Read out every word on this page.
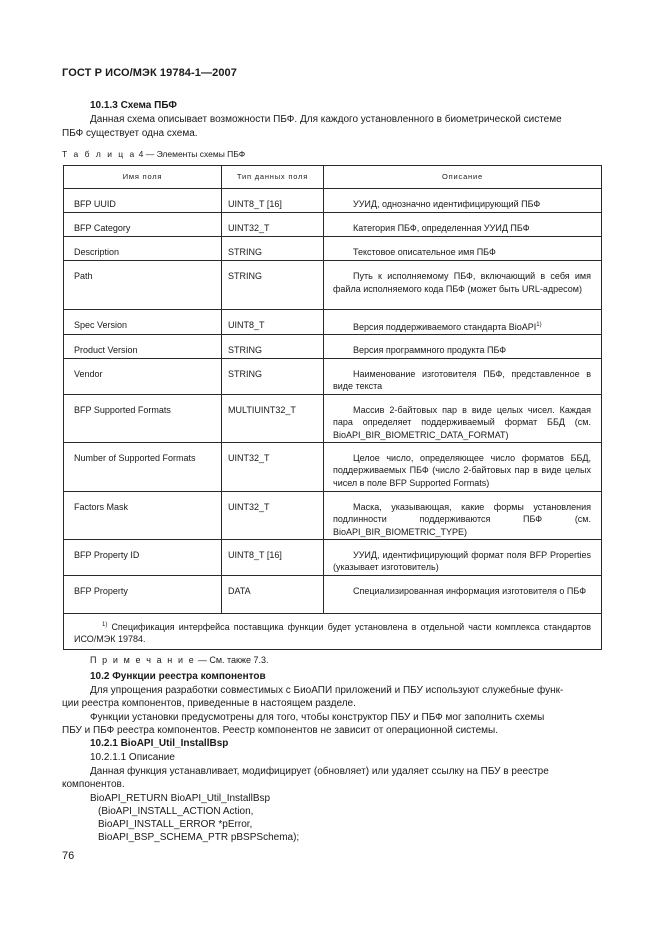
ГОСТ Р ИСО/МЭК 19784-1—2007
10.1.3 Схема ПБФ
Данная схема описывает возможности ПБФ. Для каждого установленного в биометрической системе
ПБФ существует одна схема.
Т а б л и ц а 4 — Элементы схемы ПБФ
Имя поля	Тип данных поля	Описание
BFP UUID	UINT8_T [16]	УУИД, однозначно идентифицирующий ПБФ
BFP Category	UINT32_T	Категория ПБФ, определенная УУИД ПБФ
Description	STRING	Текстовое описательное имя ПБФ
Path	STRING	Путь к исполняемому ПБФ, включающий в себя имя файла исполняемого кода ПБФ (может быть URL-адресом)
Spec Version	UINT8_T	Версия поддерживаемого стандарта BioAPI$^{1)}$
Product Version	STRING	Версия программного продукта ПБФ
Vendor	STRING	Наименование изготовителя ПБФ, представленное в виде текста
BFP Supported Formats	MULTIUINT32_T	Массив 2-байтовых пар в виде целых чисел. Каждая пара определяет поддерживаемый формат ББД (см. BioAPI_BIR_BIOMETRIC_DATA_FORMAT)
Number of Supported Formats	UINT32_T	Целое число, определяющее число форматов ББД, поддерживаемых ПБФ (число 2-байтовых пар в виде целых чисел в поле BFP Supported Formats)
Factors Mask	UINT32_T	Маска, указывающая, какие формы установления подлинности поддерживаются ПБФ (см. BioAPI_BIR_BIOMETRIC_TYPE)
BFP Property ID	UINT8_T [16]	УУИД, идентифицирующий формат поля BFP Properties (указывает изготовитель)
BFP Property	DATA	Специализированная информация изготовителя о ПБФ
$^{1)}$ Спецификация интерфейса поставщика функции будет установлена в отдельной части комплекса стандартов ИСО/МЭК 19784.		
П р и м е ч а н и е — См. также 7.3.
10.2 Функции реестра компонентов
Для упрощения разработки совместимых с БиоАПИ приложений и ПБУ используют служебные функ-
ции реестра компонентов, приведенные в настоящем разделе.
Функции установки предусмотрены для того, чтобы конструктор ПБУ и ПБФ мог заполнить схемы
ПБУ и ПБФ реестра компонентов. Реестр компонентов не зависит от операционной системы.
10.2.1 BioAPI_Util_InstallBsp
10.2.1.1 Описание
Данная функция устанавливает, модифицирует (обновляет) или удаляет ссылку на ПБУ в реестре
компонентов.
BioAPI_RETURN BioAPI_Util_InstallBsp
(BioAPI_INSTALL_ACTION Action,
BioAPI_INSTALL_ERROR *pError,
BioAPI_BSP_SCHEMA_PTR pBSPSchema);
76
